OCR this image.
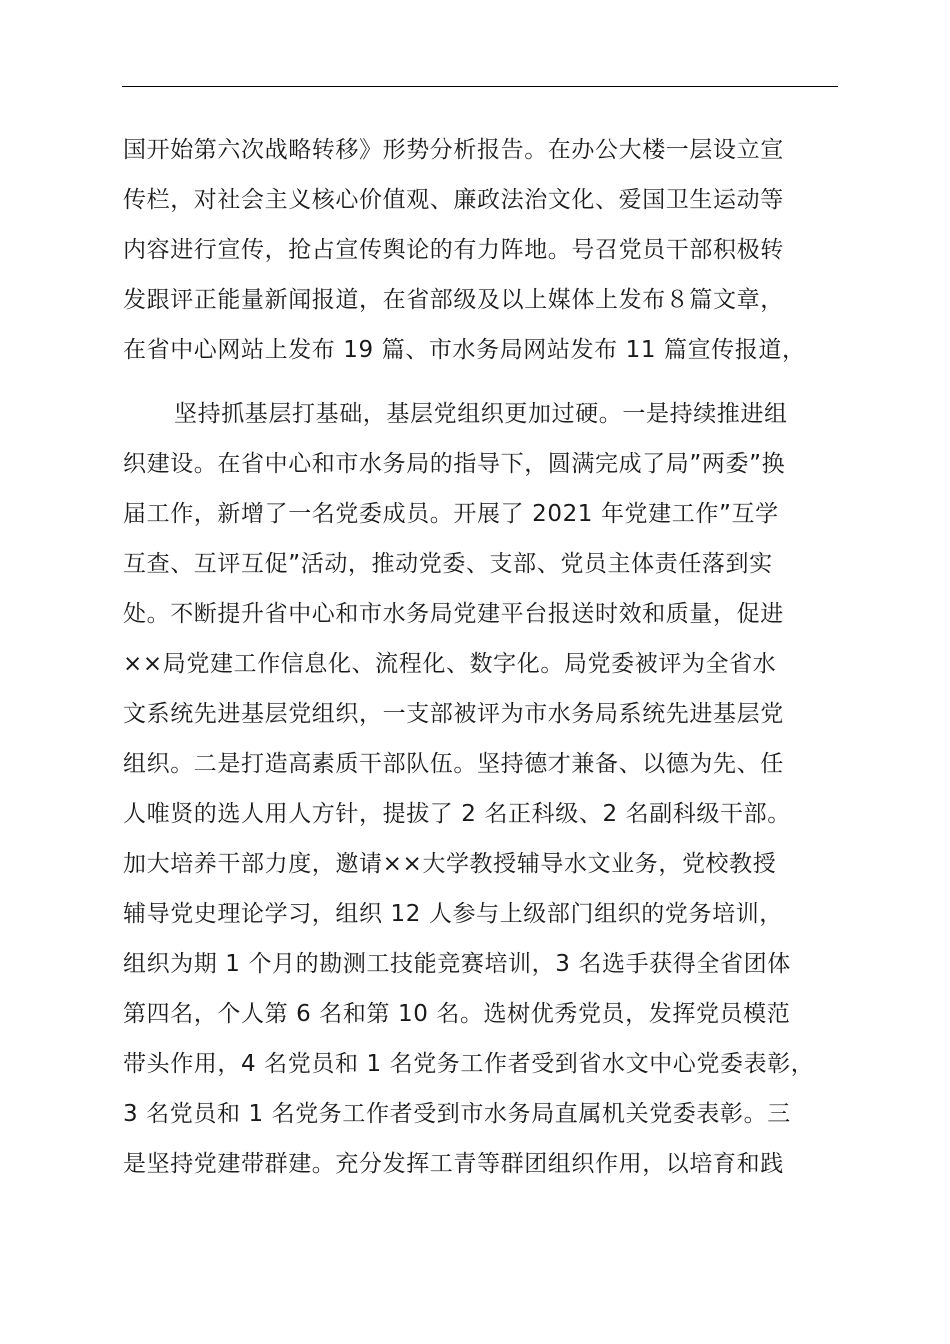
国开始第六次战略转移》形势分析报告。在办公大楼一层设立宣
传栏，对社会主义核心价值观、廉政法治文化、爱国卫生运动等
内容进行宣传，抢占宣传舆论的有力阵地。号召党员干部积极转
发跟评正能量新闻报道，在省部级及以上媒体上发布８篇文章，
在省中心网站上发布 19 篇、市水务局网站发布 11 篇宣传报道，
坚持抓基层打基础，基层党组织更加过硬。一是持续推进组
织建设。在省中心和市水务局的指导下，圆满完成了局”两委”换
届工作，新增了一名党委成员。开展了 2021 年党建工作”互学
互查、互评互促”活动，推动党委、支部、党员主体责任落到实
处。不断提升省中心和市水务局党建平台报送时效和质量，促进
××局党建工作信息化、流程化、数字化。局党委被评为全省水
文系统先进基层党组织，一支部被评为市水务局系统先进基层党
组织。二是打造高素质干部队伍。坚持德才兼备、以德为先、任
人唯贤的选人用人方针，提拔了 2 名正科级、2 名副科级干部。
加大培养干部力度，邀请××大学教授辅导水文业务，党校教授
辅导党史理论学习，组织 12 人参与上级部门组织的党务培训，
组织为期 1 个月的勘测工技能竞赛培训，3 名选手获得全省团体
第四名，个人第 6 名和第 10 名。选树优秀党员，发挥党员模范
带头作用，4 名党员和 1 名党务工作者受到省水文中心党委表彰，
3 名党员和 1 名党务工作者受到市水务局直属机关党委表彰。三
是坚持党建带群建。充分发挥工青等群团组织作用，以培育和践
